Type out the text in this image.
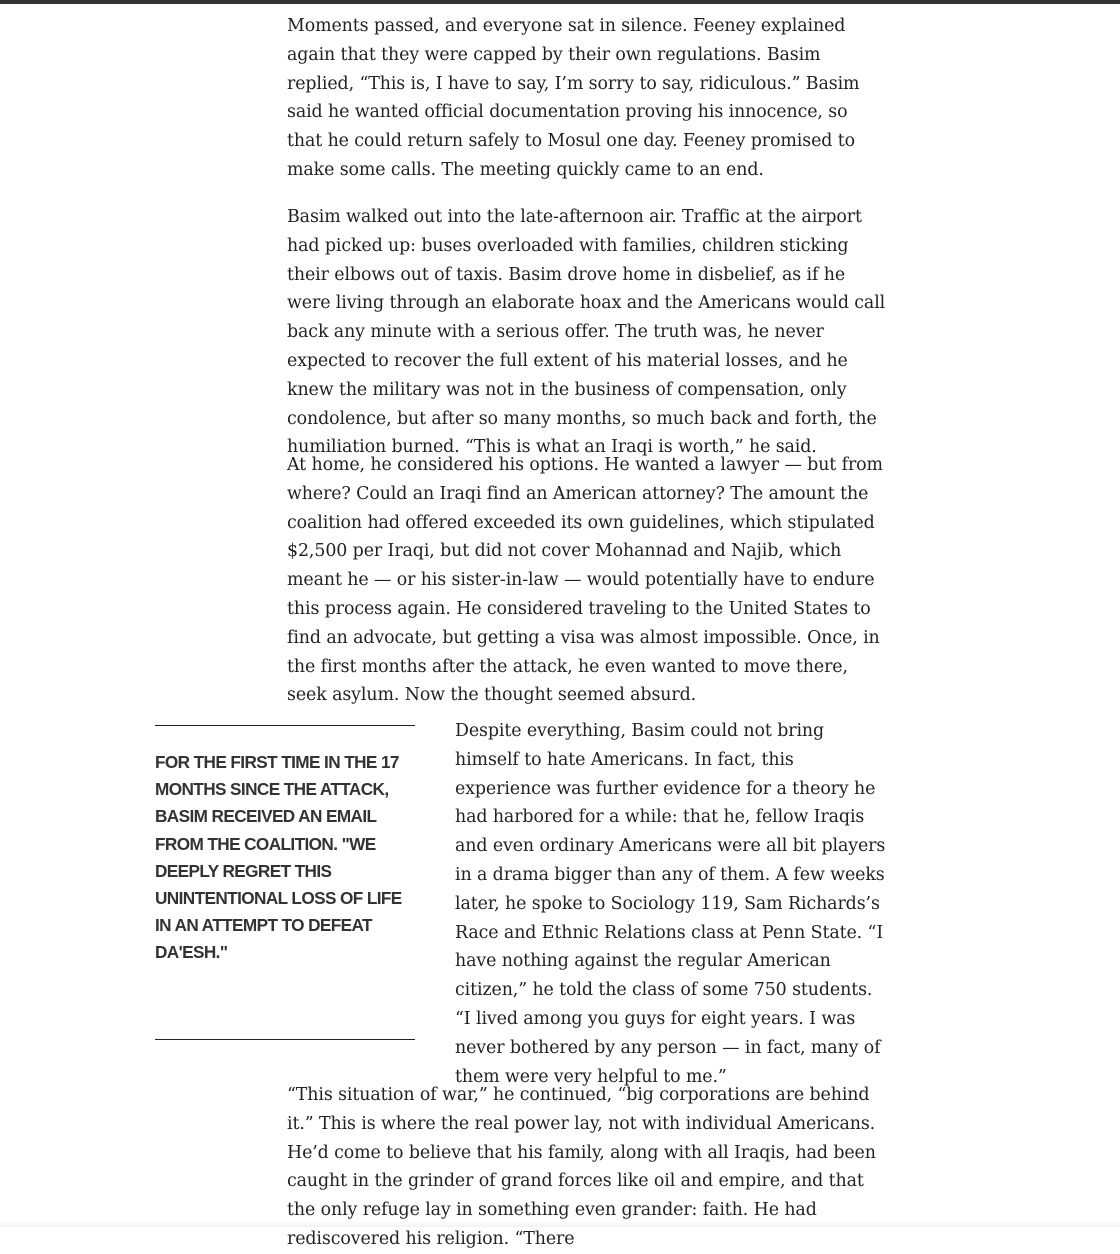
Moments passed, and everyone sat in silence. Feeney explained again that they were capped by their own regulations. Basim replied, “This is, I have to say, I’m sorry to say, ridiculous.” Basim said he wanted official documentation proving his innocence, so that he could return safely to Mosul one day. Feeney promised to make some calls. The meeting quickly came to an end.

Basim walked out into the late-afternoon air. Traffic at the airport had picked up: buses overloaded with families, children sticking their elbows out of taxis. Basim drove home in disbelief, as if he were living through an elaborate hoax and the Americans would call back any minute with a serious offer. The truth was, he never expected to recover the full extent of his material losses, and he knew the military was not in the business of compensation, only condolence, but after so many months, so much back and forth, the humiliation burned. “This is what an Iraqi is worth,” he said.

At home, he considered his options. He wanted a lawyer — but from where? Could an Iraqi find an American attorney? The amount the coalition had offered exceeded its own guidelines, which stipulated $2,500 per Iraqi, but did not cover Mohannad and Najib, which meant he — or his sister-in-law — would potentially have to endure this process again. He considered traveling to the United States to find an advocate, but getting a visa was almost impossible. Once, in the first months after the attack, he even wanted to move there, seek asylum. Now the thought seemed absurd.

FOR THE FIRST TIME IN THE 17 MONTHS SINCE THE ATTACK, BASIM RECEIVED AN EMAIL FROM THE COALITION. "WE DEEPLY REGRET THIS UNINTENTIONAL LOSS OF LIFE IN AN ATTEMPT TO DEFEAT DA'ESH."

Despite everything, Basim could not bring himself to hate Americans. In fact, this experience was further evidence for a theory he had harbored for a while: that he, fellow Iraqis and even ordinary Americans were all bit players in a drama bigger than any of them. A few weeks later, he spoke to Sociology 119, Sam Richards’s Race and Ethnic Relations class at Penn State. “I have nothing against the regular American citizen,” he told the class of some 750 students. “I lived among you guys for eight years. I was never bothered by any person — in fact, many of them were very helpful to me.”

“This situation of war,” he continued, “big corporations are behind it.” This is where the real power lay, not with individual Americans. He’d come to believe that his family, along with all Iraqis, had been caught in the grinder of grand forces like oil and empire, and that the only refuge lay in something even grander: faith. He had rediscovered his religion. “There
